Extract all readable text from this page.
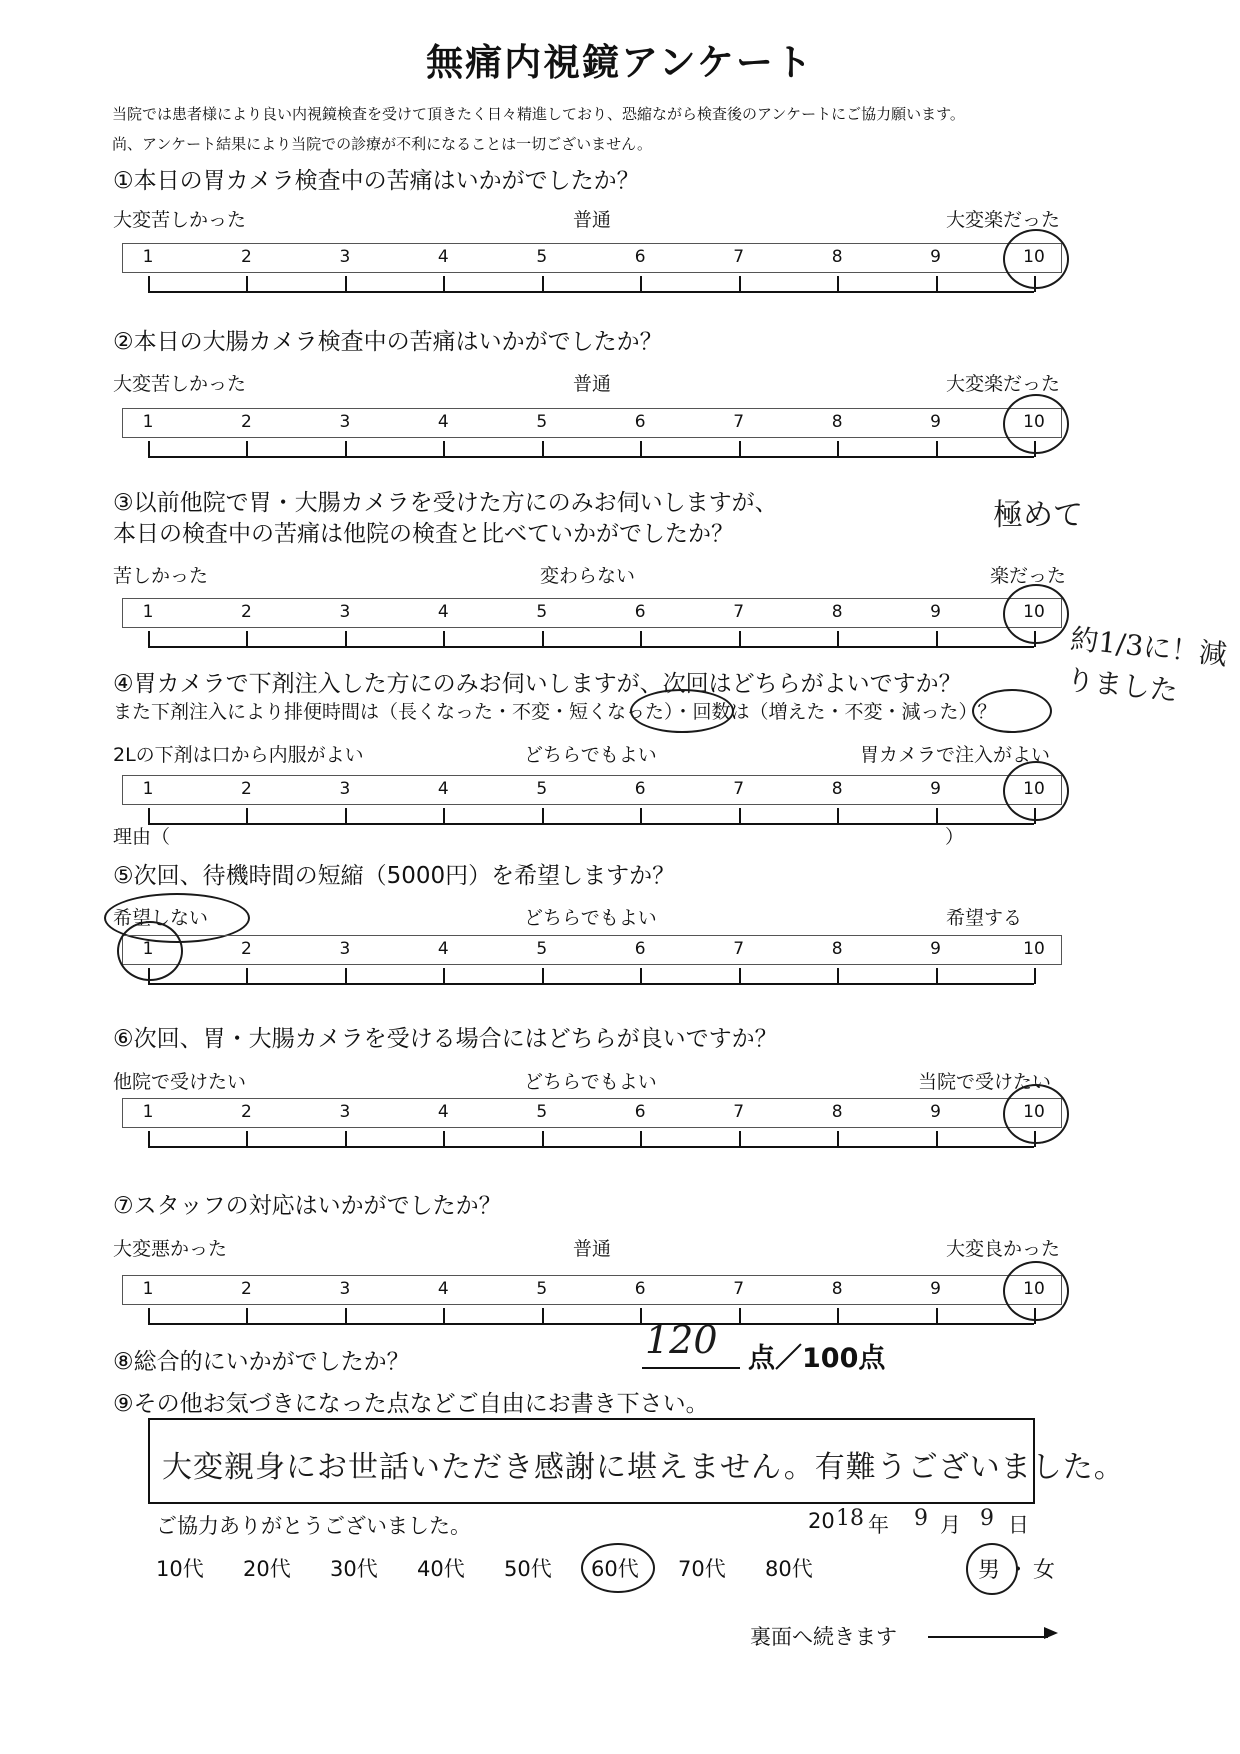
無痛内視鏡アンケート
当院では患者様により良い内視鏡検査を受けて頂きたく日々精進しており、恐縮ながら検査後のアンケートにご協力願います。
尚、アンケート結果により当院での診療が不利になることは一切ございません。
①本日の胃カメラ検査中の苦痛はいかがでしたか？
大変苦しかった	普通	大変楽だった
②本日の大腸カメラ検査中の苦痛はいかがでしたか？
大変苦しかった	普通	大変楽だった
③以前他院で胃・大腸カメラを受けた方にのみお伺いしますが、
本日の検査中の苦痛は他院の検査と比べていかがでしたか？
極めて
苦しかった	変わらない	楽だった
④胃カメラで下剤注入した方にのみお伺いしますが、次回はどちらがよいですか？
また下剤注入により排便時間は（長くなった・不変・短くなった）・回数は（増えた・不変・減った）？
約1/3に！減りました
2Lの下剤は口から内服がよい	どちらでもよい	胃カメラで注入がよい
理由（	）
⑤次回、待機時間の短縮（5000円）を希望しますか？
希望しない	どちらでもよい	希望する
⑥次回、胃・大腸カメラを受ける場合にはどちらが良いですか？
他院で受けたい	どちらでもよい	当院で受けたい
⑦スタッフの対応はいかがでしたか？
大変悪かった	普通	大変良かった
⑧総合的にいかがでしたか？	120 点／100点
⑨その他お気づきになった点などご自由にお書き下さい。
大変親身にお世話いただき感謝に堪えません。有難うございました。
ご協力ありがとうございました。	20 18 年 9 月 9 日
10代 20代 30代 40代 50代 60代 70代 80代	男 ・ 女
裏面へ続きます
1	2	3	4	5	6	7	8	9	10
1	2	3	4	5	6	7	8	9	10
1	2	3	4	5	6	7	8	9	10
1	2	3	4	5	6	7	8	9	10
1	2	3	4	5	6	7	8	9	10
1	2	3	4	5	6	7	8	9	10
1	2	3	4	5	6	7	8	9	10
